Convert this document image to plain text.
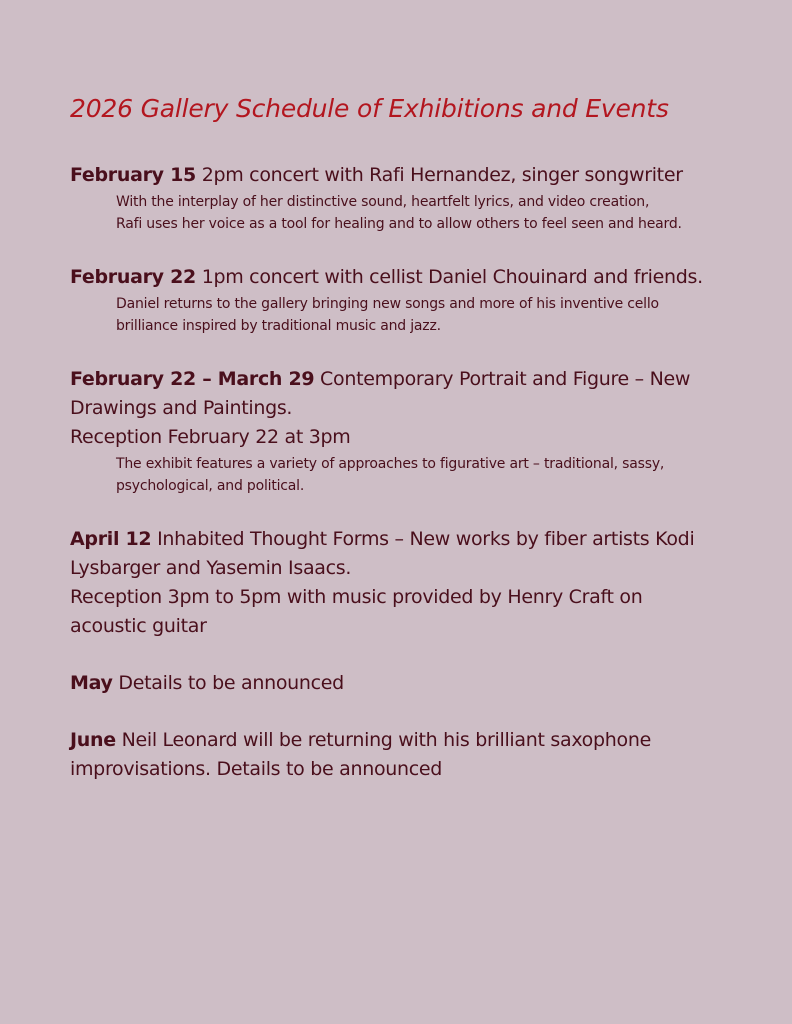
2026 Gallery Schedule of Exhibitions and Events
February 15 2pm concert with Rafi Hernandez, singer songwriter
With the interplay of her distinctive sound, heartfelt lyrics, and video creation,
Rafi uses her voice as a tool for healing and to allow others to feel seen and heard.
February 22 1pm concert with cellist Daniel Chouinard and friends.
Daniel returns to the gallery bringing new songs and more of his inventive cello
brilliance inspired by traditional music and jazz.
February 22 – March 29 Contemporary Portrait and Figure – New
Drawings and Paintings.
Reception February 22 at 3pm
The exhibit features a variety of approaches to figurative art – traditional, sassy,
psychological, and political.
April 12 Inhabited Thought Forms – New works by fiber artists Kodi
Lysbarger and Yasemin Isaacs.
Reception 3pm to 5pm with music provided by Henry Craft on
acoustic guitar
May Details to be announced
June Neil Leonard will be returning with his brilliant saxophone
improvisations. Details to be announced
